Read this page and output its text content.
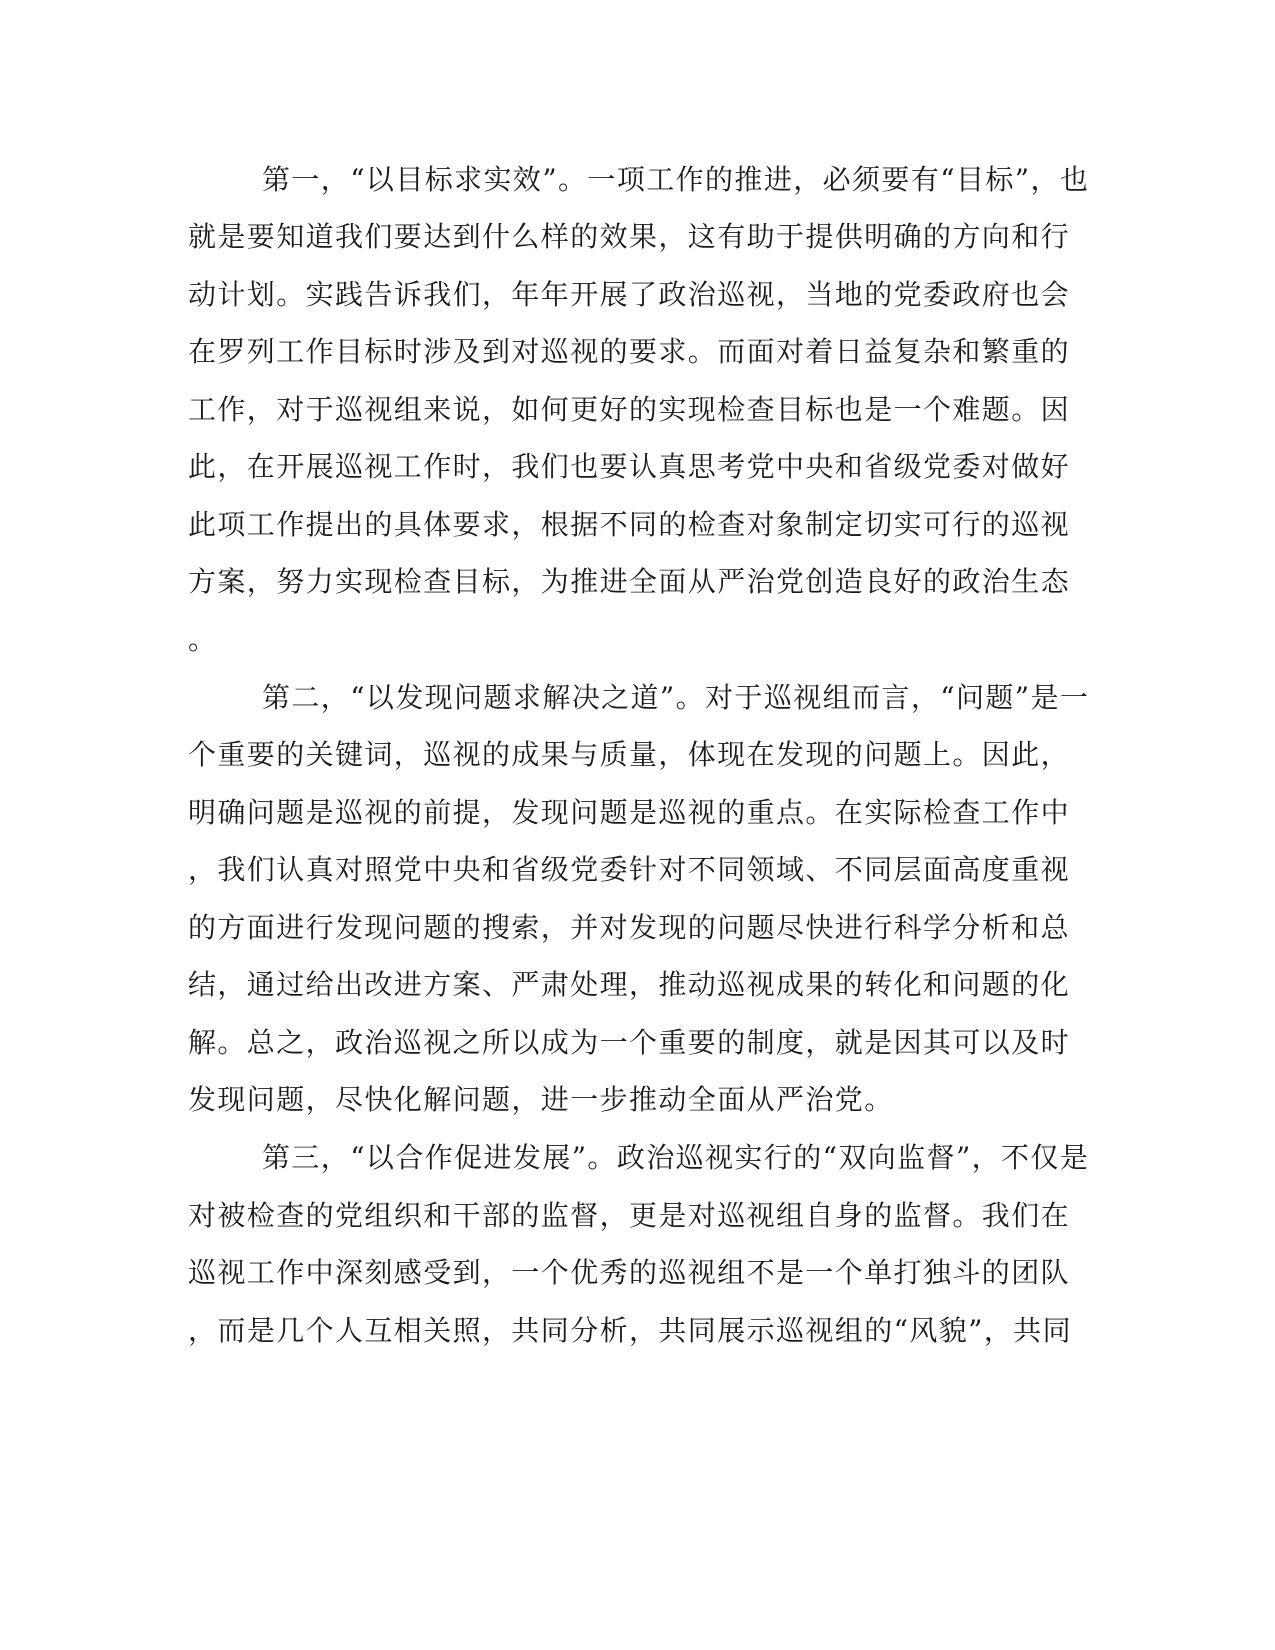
第一，“以目标求实效”。一项工作的推进，必须要有“目标”，也
就是要知道我们要达到什么样的效果，这有助于提供明确的方向和行
动计划。实践告诉我们，年年开展了政治巡视，当地的党委政府也会
在罗列工作目标时涉及到对巡视的要求。而面对着日益复杂和繁重的
工作，对于巡视组来说，如何更好的实现检查目标也是一个难题。因
此，在开展巡视工作时，我们也要认真思考党中央和省级党委对做好
此项工作提出的具体要求，根据不同的检查对象制定切实可行的巡视
方案，努力实现检查目标，为推进全面从严治党创造良好的政治生态
。
第二，“以发现问题求解决之道”。对于巡视组而言，“问题”是一
个重要的关键词，巡视的成果与质量，体现在发现的问题上。因此，
明确问题是巡视的前提，发现问题是巡视的重点。在实际检查工作中
，我们认真对照党中央和省级党委针对不同领域、不同层面高度重视
的方面进行发现问题的搜索，并对发现的问题尽快进行科学分析和总
结，通过给出改进方案、严肃处理，推动巡视成果的转化和问题的化
解。总之，政治巡视之所以成为一个重要的制度，就是因其可以及时
发现问题，尽快化解问题，进一步推动全面从严治党。
第三，“以合作促进发展”。政治巡视实行的“双向监督”，不仅是
对被检查的党组织和干部的监督，更是对巡视组自身的监督。我们在
巡视工作中深刻感受到，一个优秀的巡视组不是一个单打独斗的团队
，而是几个人互相关照，共同分析，共同展示巡视组的“风貌”，共同
